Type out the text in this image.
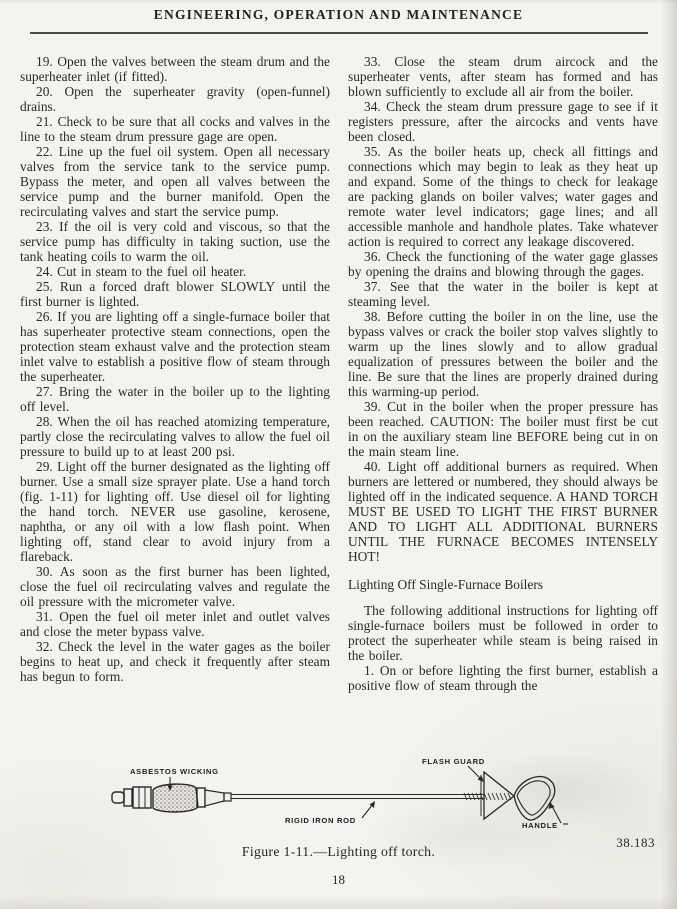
ENGINEERING, OPERATION AND MAINTENANCE

19. Open the valves between the steam drum and the superheater inlet (if fitted).

20. Open the superheater gravity (open-funnel) drains.

21. Check to be sure that all cocks and valves in the line to the steam drum pressure gage are open.

22. Line up the fuel oil system. Open all necessary valves from the service tank to the service pump. Bypass the meter, and open all valves between the service pump and the burner manifold. Open the recirculating valves and start the service pump.

23. If the oil is very cold and viscous, so that the service pump has difficulty in taking suction, use the tank heating coils to warm the oil.

24. Cut in steam to the fuel oil heater.

25. Run a forced draft blower SLOWLY until the first burner is lighted.

26. If you are lighting off a single-furnace boiler that has superheater protective steam connections, open the protection steam exhaust valve and the protection steam inlet valve to establish a positive flow of steam through the superheater.

27. Bring the water in the boiler up to the lighting off level.

28. When the oil has reached atomizing temperature, partly close the recirculating valves to allow the fuel oil pressure to build up to at least 200 psi.

29. Light off the burner designated as the lighting off burner. Use a small size sprayer plate. Use a hand torch (fig. 1-11) for lighting off. Use diesel oil for lighting the hand torch. NEVER use gasoline, kerosene, naphtha, or any oil with a low flash point. When lighting off, stand clear to avoid injury from a flareback.

30. As soon as the first burner has been lighted, close the fuel oil recirculating valves and regulate the oil pressure with the micrometer valve.

31. Open the fuel oil meter inlet and outlet valves and close the meter bypass valve.

32. Check the level in the water gages as the boiler begins to heat up, and check it frequently after steam has begun to form.

33. Close the steam drum aircock and the superheater vents, after steam has formed and has blown sufficiently to exclude all air from the boiler.

34. Check the steam drum pressure gage to see if it registers pressure, after the aircocks and vents have been closed.

35. As the boiler heats up, check all fittings and connections which may begin to leak as they heat up and expand. Some of the things to check for leakage are packing glands on boiler valves; water gages and remote water level indicators; gage lines; and all accessible manhole and handhole plates. Take whatever action is required to correct any leakage discovered.

36. Check the functioning of the water gage glasses by opening the drains and blowing through the gages.

37. See that the water in the boiler is kept at steaming level.

38. Before cutting the boiler in on the line, use the bypass valves or crack the boiler stop valves slightly to warm up the lines slowly and to allow gradual equalization of pressures between the boiler and the line. Be sure that the lines are properly drained during this warming-up period.

39. Cut in the boiler when the proper pressure has been reached. CAUTION: The boiler must first be cut in on the auxiliary steam line BEFORE being cut in on the main steam line.

40. Light off additional burners as required. When burners are lettered or numbered, they should always be lighted off in the indicated sequence. A HAND TORCH MUST BE USED TO LIGHT THE FIRST BURNER AND TO LIGHT ALL ADDITIONAL BURNERS UNTIL THE FURNACE BECOMES INTENSELY HOT!

Lighting Off Single-Furnace Boilers

The following additional instructions for lighting off single-furnace boilers must be followed in order to protect the superheater while steam is being raised in the boiler.

1. On or before lighting the first burner, establish a positive flow of steam through the

ASBESTOS WICKING
FLASH GUARD
RIGID IRON ROD
HANDLE
Figure 1-11.—Lighting off torch.
38.183
18
